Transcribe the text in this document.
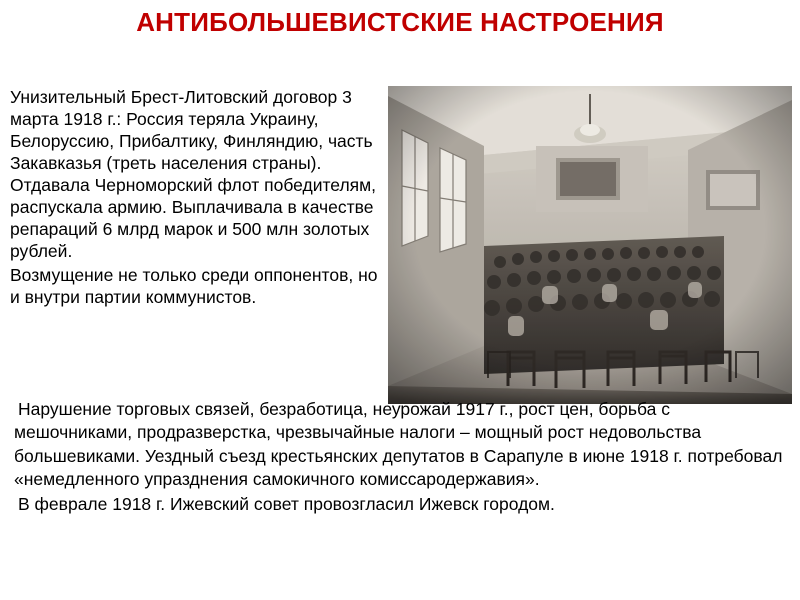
АНТИБОЛЬШЕВИСТСКИЕ НАСТРОЕНИЯ

Унизительный Брест-Литовский договор 3 марта 1918 г.: Россия теряла Украину, Белоруссию, Прибалтику, Финляндию, часть Закавказья (треть населения страны). Отдавала Черноморский флот победителям, распускала армию. Выплачивала в качестве репараций 6 млрд марок и 500 млн золотых рублей.

Возмущение не только среди оппонентов, но и внутри партии коммунистов.

Нарушение торговых связей, безработица, неурожай 1917 г., рост цен, борьба с мешочниками, продразверстка, чрезвычайные налоги – мощный рост недовольства большевиками. Уездный съезд крестьянских депутатов в Сарапуле в июне 1918 г. потребовал «немедленного упразднения самокичного комиссародержавия».

В феврале 1918 г. Ижевский совет провозгласил Ижевск городом.
